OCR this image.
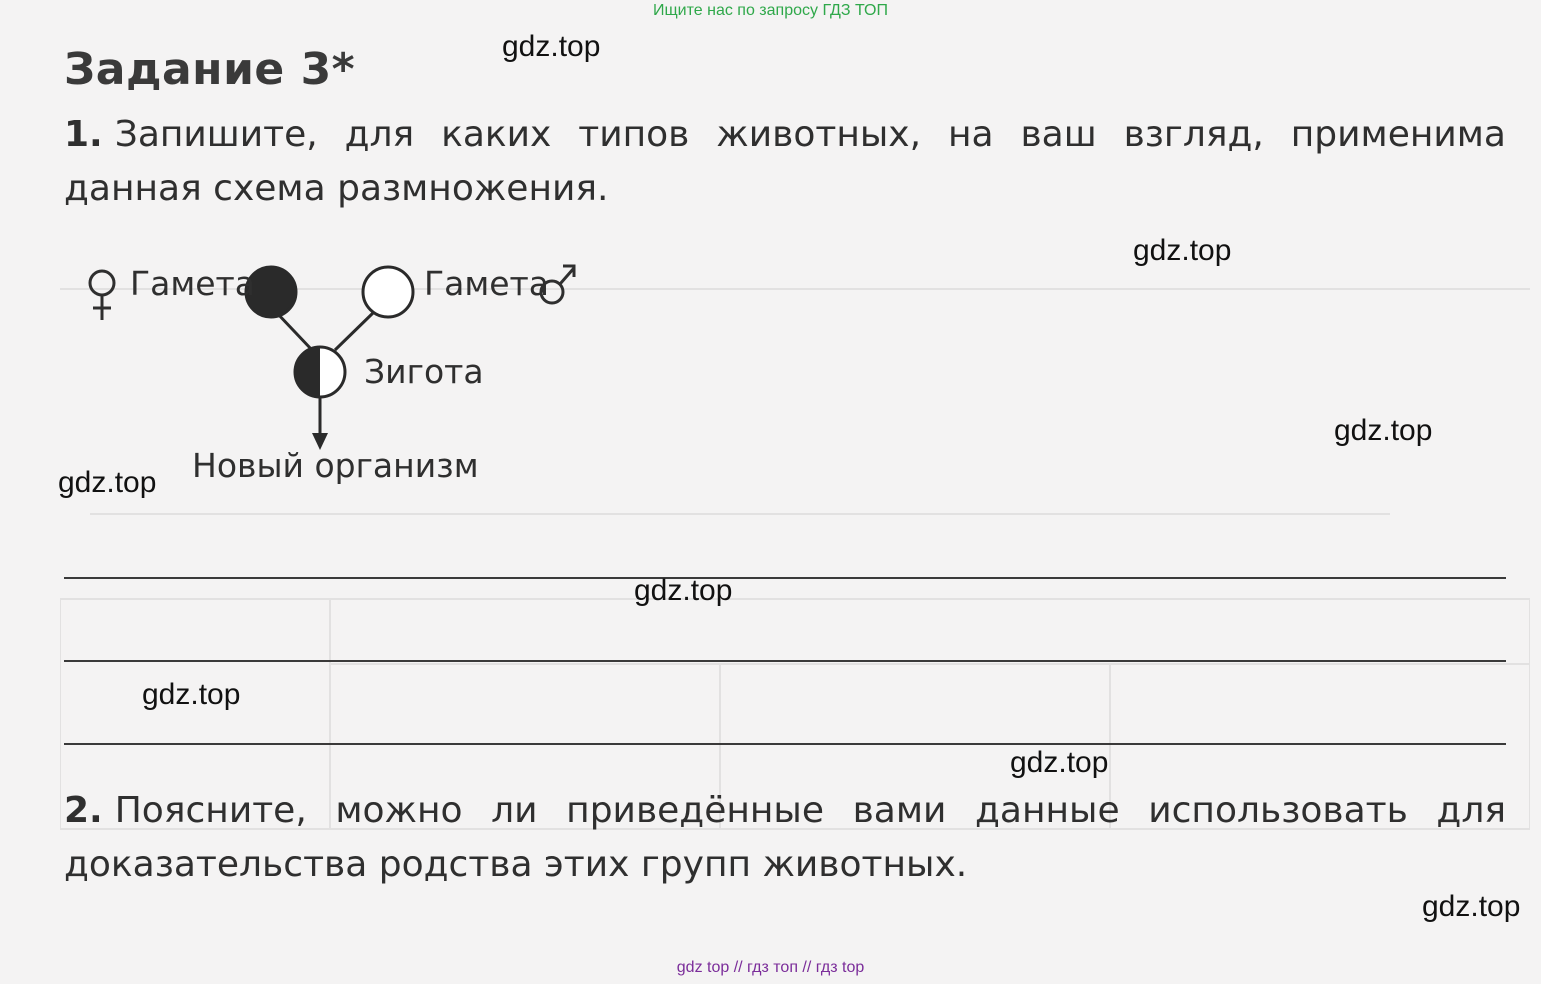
Ищите нас по запросу ГДЗ ТОП
Задание 3*
1. Запишите, для каких типов животных, на ваш взгляд, применима данная схема размножения.
Гамета	Гамета
Зигота
Новый организм
2. Поясните, можно ли приведённые вами данные использовать для доказательства родства этих групп животных.
gdz.top
gdz.top
gdz.top
gdz.top
gdz.top
gdz.top
gdz.top
gdz.top
gdz top // гдз топ // гдз top
